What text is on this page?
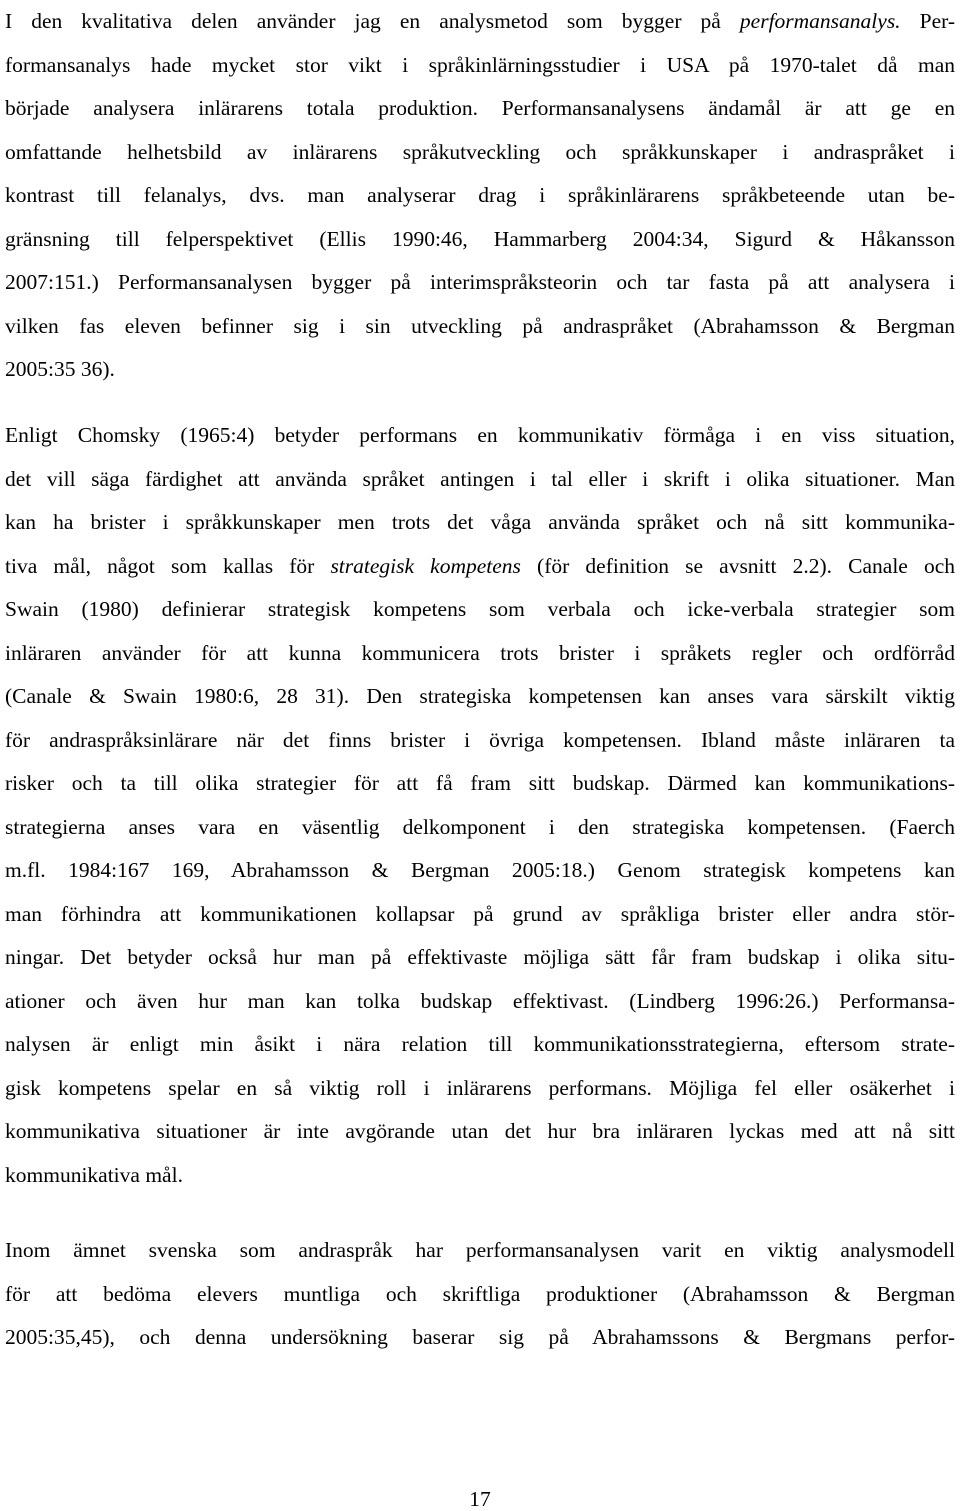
I den kvalitativa delen använder jag en analysmetod som bygger på performansanalys. Per-
formansanalys hade mycket stor vikt i språkinlärningsstudier i USA på 1970-talet då man
började analysera inlärarens totala produktion. Performansanalysens ändamål är att ge en
omfattande helhetsbild av inlärarens språkutveckling och språkkunskaper i andraspråket i
kontrast till felanalys, dvs. man analyserar drag i språkinlärarens språkbeteende utan be-
gränsning till felperspektivet (Ellis 1990:46, Hammarberg 2004:34, Sigurd & Håkansson
2007:151.) Performansanalysen bygger på interimspråksteorin och tar fasta på att analysera i
vilken fas eleven befinner sig i sin utveckling på andraspråket (Abrahamsson & Bergman
2005:35 36).
Enligt Chomsky (1965:4) betyder performans en kommunikativ förmåga i en viss situation,
det vill säga färdighet att använda språket antingen i tal eller i skrift i olika situationer. Man
kan ha brister i språkkunskaper men trots det våga använda språket och nå sitt kommunika-
tiva mål, något som kallas för strategisk kompetens (för definition se avsnitt 2.2). Canale och
Swain (1980) definierar strategisk kompetens som verbala och icke-verbala strategier som
inläraren använder för att kunna kommunicera trots brister i språkets regler och ordförråd
(Canale & Swain 1980:6, 28 31). Den strategiska kompetensen kan anses vara särskilt viktig
för andraspråksinlärare när det finns brister i övriga kompetensen. Ibland måste inläraren ta
risker och ta till olika strategier för att få fram sitt budskap. Därmed kan kommunikations-
strategierna anses vara en väsentlig delkomponent i den strategiska kompetensen. (Faerch
m.fl. 1984:167 169, Abrahamsson & Bergman 2005:18.) Genom strategisk kompetens kan
man förhindra att kommunikationen kollapsar på grund av språkliga brister eller andra stör-
ningar. Det betyder också hur man på effektivaste möjliga sätt får fram budskap i olika situ-
ationer och även hur man kan tolka budskap effektivast. (Lindberg 1996:26.) Performansa-
nalysen är enligt min åsikt i nära relation till kommunikationsstrategierna, eftersom strate-
gisk kompetens spelar en så viktig roll i inlärarens performans. Möjliga fel eller osäkerhet i
kommunikativa situationer är inte avgörande utan det hur bra inläraren lyckas med att nå sitt
kommunikativa mål.
Inom ämnet svenska som andraspråk har performansanalysen varit en viktig analysmodell
för att bedöma elevers muntliga och skriftliga produktioner (Abrahamsson & Bergman
2005:35,45), och denna undersökning baserar sig på Abrahamssons & Bergmans perfor-
17
